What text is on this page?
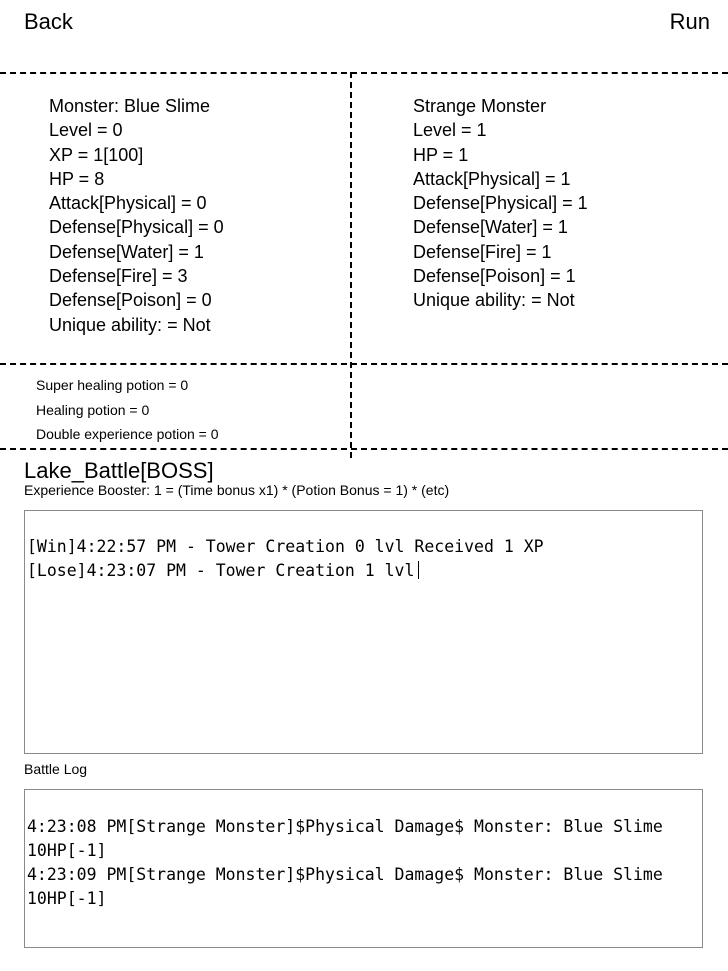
Back	Run
Monster: Blue Slime
Level = 0
XP = 1[100]
HP = 8
Attack[Physical] = 0
Defense[Physical] = 0
Defense[Water] = 1
Defense[Fire] = 3
Defense[Poison] = 0
Unique ability: = Not
Strange Monster
Level = 1
HP = 1
Attack[Physical] = 1
Defense[Physical] = 1
Defense[Water] = 1
Defense[Fire] = 1
Defense[Poison] = 1
Unique ability: = Not
Super healing potion = 0
Healing potion = 0
Double experience potion = 0
Lake_Battle[BOSS]
Experience Booster: 1 = (Time bonus x1) * (Potion Bonus = 1) * (etc)
[Win]4:22:57 PM - Tower Creation 0 lvl Received 1 XP
[Lose]4:23:07 PM - Tower Creation 1 lvl
Battle Log
4:23:08 PM[Strange Monster]$Physical Damage$ Monster: Blue Slime 10HP[-1]
4:23:09 PM[Strange Monster]$Physical Damage$ Monster: Blue Slime 10HP[-1]
